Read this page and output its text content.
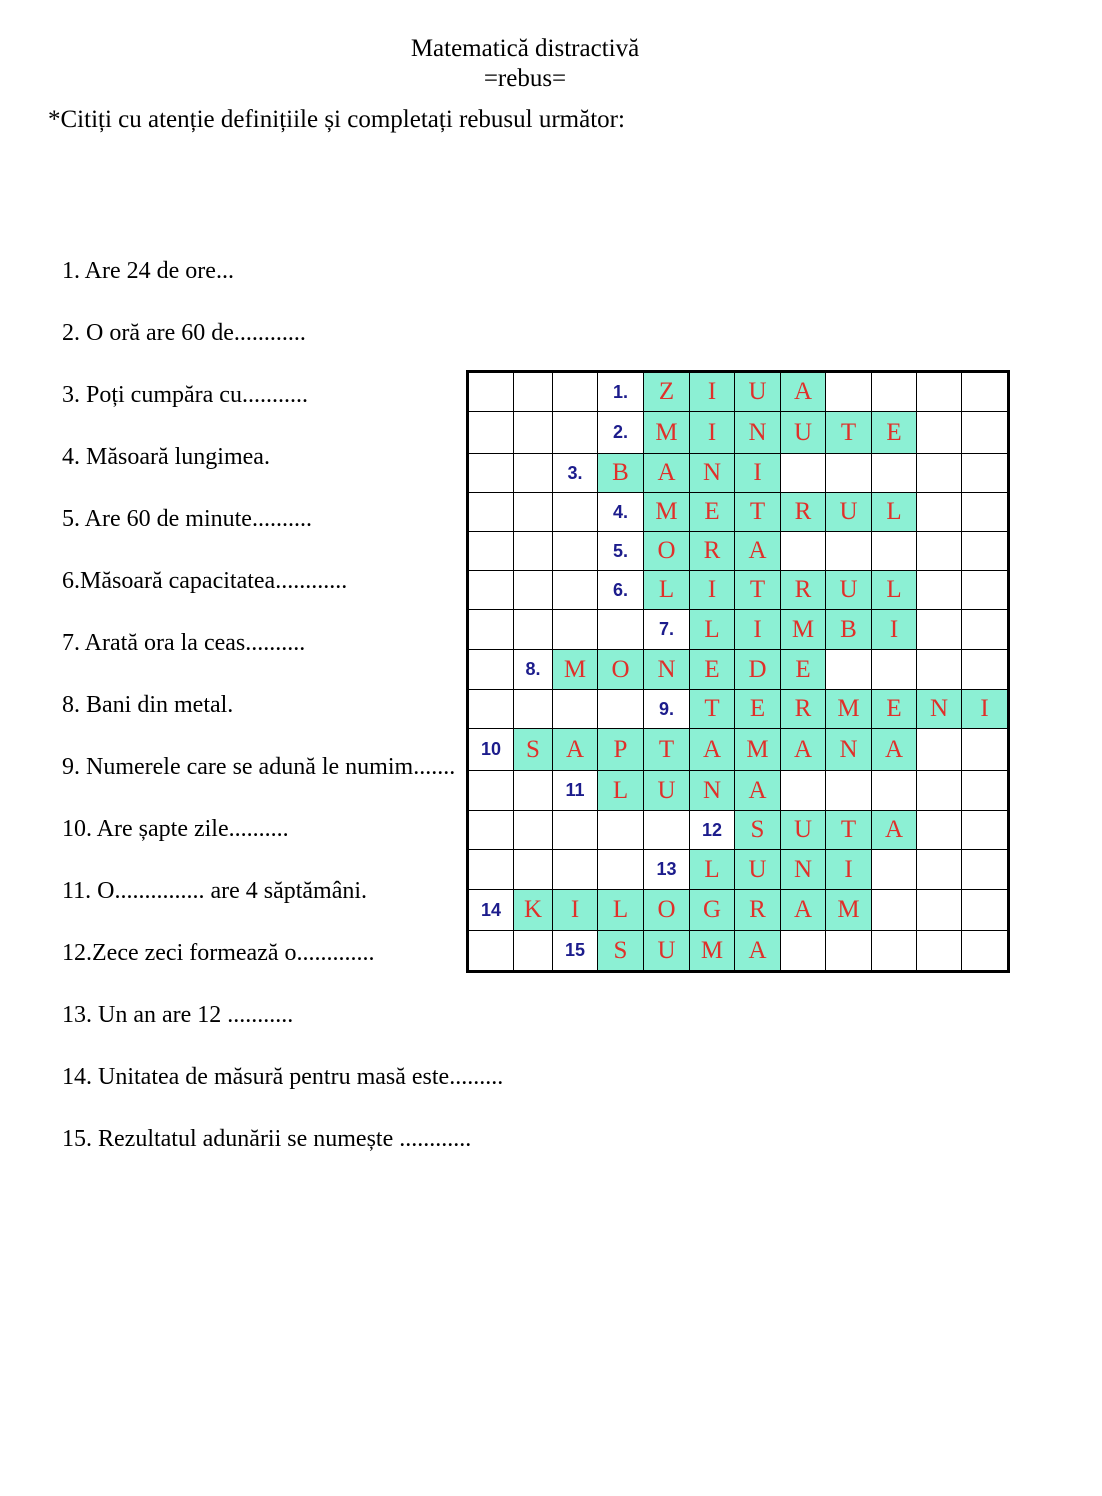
Matematică distractivă
=rebus=
*Citiți cu atenție definițiile și completați rebusul următor:
1. Are 24 de ore...
2. O oră are 60 de............
3. Poți cumpăra cu...........
4. Măsoară lungimea.
5. Are 60 de minute..........
6.Măsoară capacitatea............
7. Arată ora la ceas..........
8. Bani din metal.
9. Numerele care se adună le numim.......
10. Are șapte zile..........
11. O............... are 4 săptămâni.
12.Zece zeci formează o.............
13. Un an are 12 ...........
14. Unitatea de măsură pentru masă este.........
15. Rezultatul adunării se numește ............
			1.	Z	I	U	A				
			2.	M	I	N	U	T	E		
		3.	B	A	N	I					
			4.	M	E	T	R	U	L		
			5.	O	R	A					
			6.	L	I	T	R	U	L		
				7.	L	I	M	B	I		
	8.	M	O	N	E	D	E				
				9.	T	E	R	M	E	N	I
10	S	A	P	T	A	M	A	N	A		
		11	L	U	N	A					
					12	S	U	T	A		
				13	L	U	N	I			
14	K	I	L	O	G	R	A	M			
		15	S	U	M	A					
